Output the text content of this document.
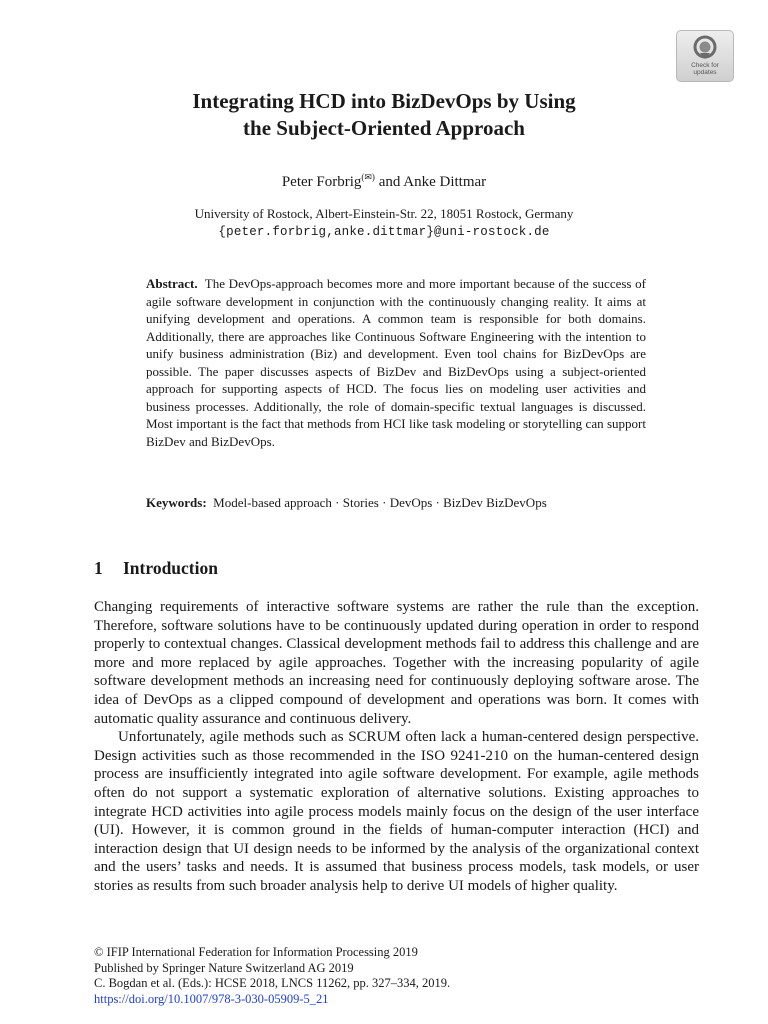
Check for
updates
Integrating HCD into BizDevOps by Using
the Subject-Oriented Approach
Peter Forbrig(✉) and Anke Dittmar
University of Rostock, Albert-Einstein-Str. 22, 18051 Rostock, Germany
{peter.forbrig,anke.dittmar}@uni-rostock.de

Abstract. The DevOps-approach becomes more and more important because of the success of agile software development in conjunction with the continuously changing reality. It aims at unifying development and operations. A common team is responsible for both domains. Additionally, there are approaches like Continuous Software Engineering with the intention to unify business administration (Biz) and development. Even tool chains for BizDevOps are possible. The paper discusses aspects of BizDev and BizDevOps using a subject-oriented approach for supporting aspects of HCD. The focus lies on modeling user activities and business processes. Additionally, the role of domain-specific textual languages is discussed. Most important is the fact that methods from HCI like task modeling or storytelling can support BizDev and BizDevOps.

Keywords: Model-based approach · Stories · DevOps · BizDev BizDevOps

1 Introduction

Changing requirements of interactive software systems are rather the rule than the exception. Therefore, software solutions have to be continuously updated during operation in order to respond properly to contextual changes. Classical development methods fail to address this challenge and are more and more replaced by agile approaches. Together with the increasing popularity of agile software development methods an increasing need for continuously deploying software arose. The idea of DevOps as a clipped compound of development and operations was born. It comes with automatic quality assurance and continuous delivery.

Unfortunately, agile methods such as SCRUM often lack a human-centered design perspective. Design activities such as those recommended in the ISO 9241-210 on the human-centered design process are insufficiently integrated into agile software development. For example, agile methods often do not support a systematic exploration of alternative solutions. Existing approaches to integrate HCD activities into agile process models mainly focus on the design of the user interface (UI). However, it is common ground in the fields of human-computer interaction (HCI) and interaction design that UI design needs to be informed by the analysis of the organizational context and the users’ tasks and needs. It is assumed that business process models, task models, or user stories as results from such broader analysis help to derive UI models of higher quality.

© IFIP International Federation for Information Processing 2019
Published by Springer Nature Switzerland AG 2019
C. Bogdan et al. (Eds.): HCSE 2018, LNCS 11262, pp. 327–334, 2019.
https://doi.org/10.1007/978-3-030-05909-5_21
